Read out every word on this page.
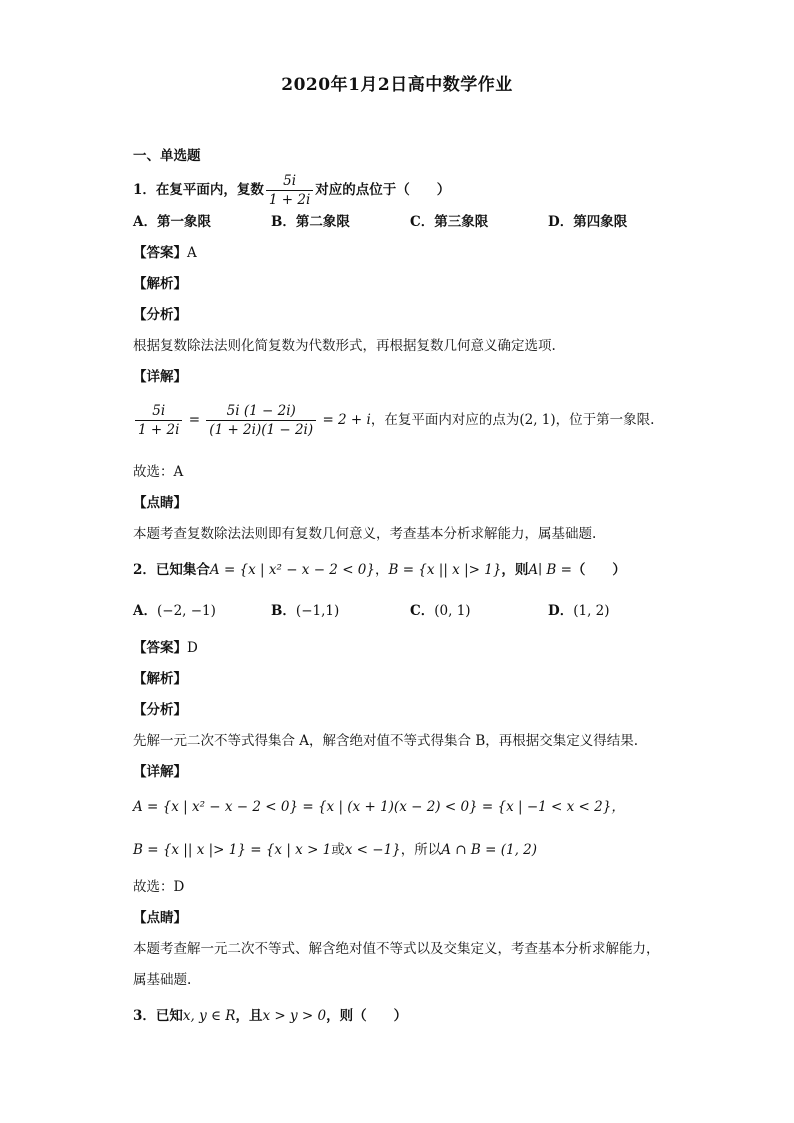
2020年1月2日高中数学作业
一、单选题
1．在复平面内，复数 $\frac{5i}{1 + 2i}$ 对应的点位于（　　）
A．第一象限	B．第二象限	C．第三象限	D．第四象限
【答案】A
【解析】
【分析】
根据复数除法法则化简复数为代数形式，再根据复数几何意义确定选项.
【详解】
$\frac{5i}{1 + 2i} = \frac{5i (1 - 2i)}{(1 + 2i)(1 - 2i)} = 2 + i$，在复平面内对应的点为(2, 1)，位于第一象限.
故选：A
【点睛】
本题考查复数除法法则即有复数几何意义，考查基本分析求解能力，属基础题.
2．已知集合A = {x | x² − x − 2 < 0}，B = {x || x |> 1}，则A∣ B =（　　）
A．(−2, −1)	B．(−1,1)	C．(0, 1)	D．(1, 2)
【答案】D
【解析】
【分析】
先解一元二次不等式得集合 A，解含绝对值不等式得集合 B，再根据交集定义得结果.
【详解】
A = {x | x² − x − 2 < 0} = {x | (x + 1)(x − 2) < 0} = {x | −1 < x < 2}，
B = {x || x |> 1} = {x | x > 1或x < −1}，所以A ∩ B = (1, 2)
故选：D
【点睛】
本题考查解一元二次不等式、解含绝对值不等式以及交集定义，考查基本分析求解能力，
属基础题.
3．已知x, y ∈ R，且x > y > 0，则（　　）
